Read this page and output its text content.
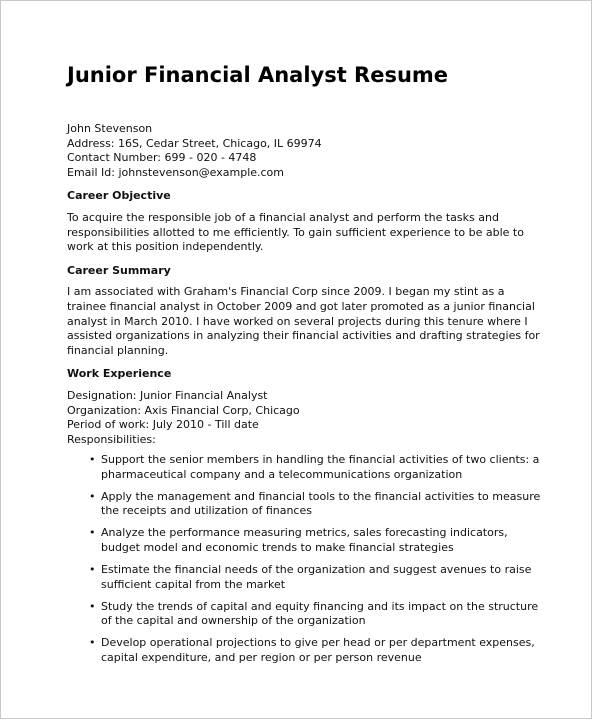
Junior Financial Analyst Resume

John Stevenson

Address: 16S, Cedar Street, Chicago, IL 69974

Contact Number: 699 - 020 - 4748

Email Id: johnstevenson@example.com

Career Objective

To acquire the responsible job of a financial analyst and perform the tasks and responsibilities allotted to me efficiently. To gain sufficient experience to be able to work at this position independently.

Career Summary

I am associated with Graham's Financial Corp since 2009. I began my stint as a trainee financial analyst in October 2009 and got later promoted as a junior financial analyst in March 2010. I have worked on several projects during this tenure where I assisted organizations in analyzing their financial activities and drafting strategies for financial planning.

Work Experience

Designation: Junior Financial Analyst

Organization: Axis Financial Corp, Chicago

Period of work: July 2010 - Till date

Responsibilities:

• Support the senior members in handling the financial activities of two clients: a pharmaceutical company and a telecommunications organization
• Apply the management and financial tools to the financial activities to measure the receipts and utilization of finances
• Analyze the performance measuring metrics, sales forecasting indicators, budget model and economic trends to make financial strategies
• Estimate the financial needs of the organization and suggest avenues to raise sufficient capital from the market
• Study the trends of capital and equity financing and its impact on the structure of the capital and ownership of the organization
• Develop operational projections to give per head or per department expenses, capital expenditure, and per region or per person revenue
